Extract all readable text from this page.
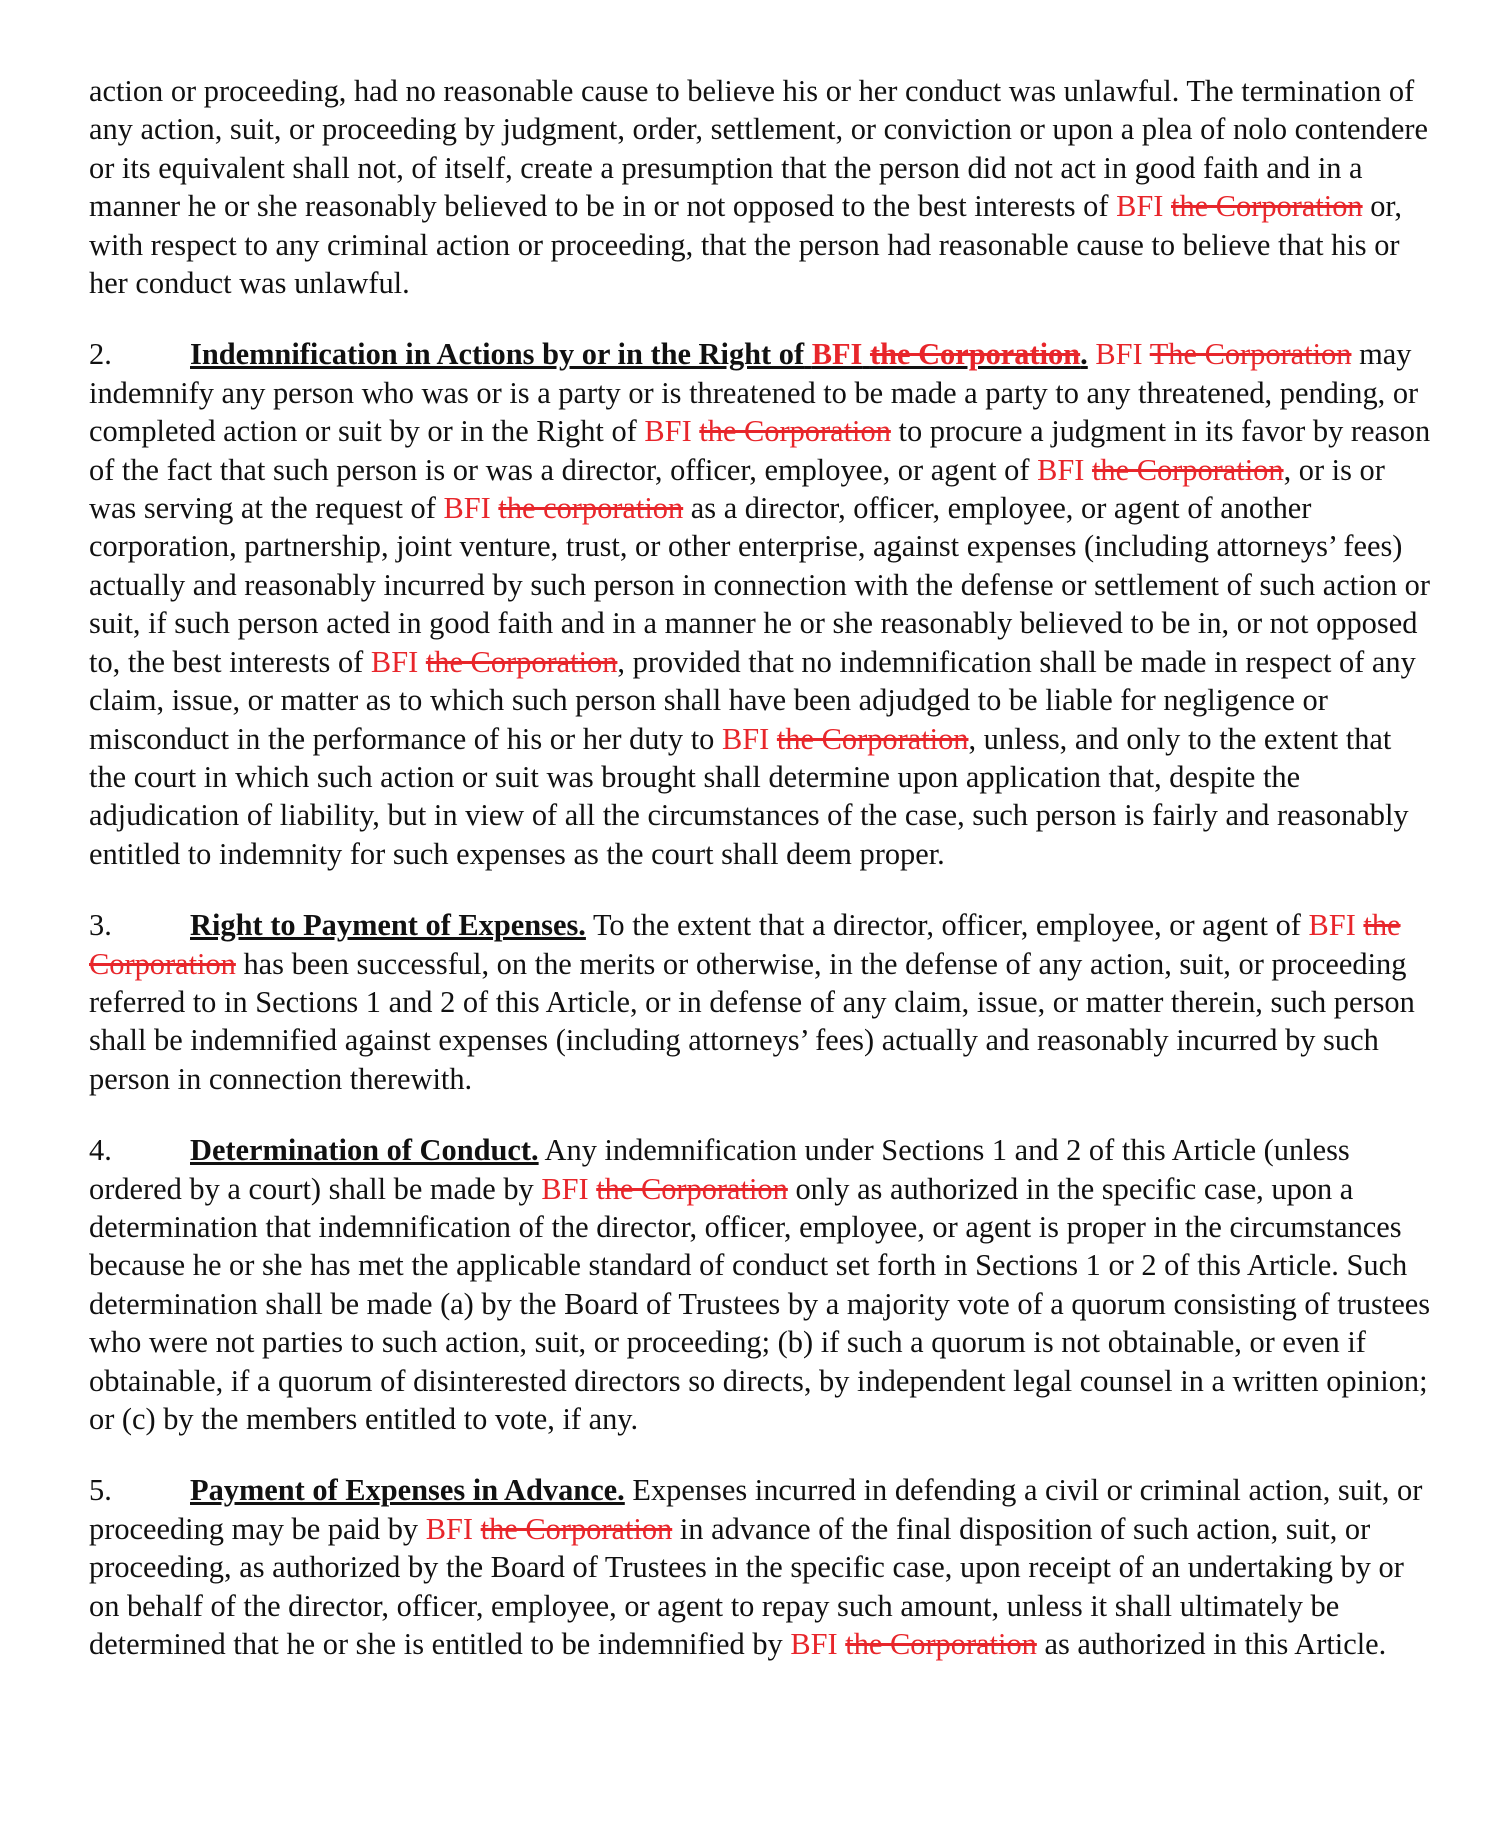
action or proceeding, had no reasonable cause to believe his or her conduct was unlawful. The termination of any action, suit, or proceeding by judgment, order, settlement, or conviction or upon a plea of nolo contendere or its equivalent shall not, of itself, create a presumption that the person did not act in good faith and in a manner he or she reasonably believed to be in or not opposed to the best interests of BFI the Corporation or, with respect to any criminal action or proceeding, that the person had reasonable cause to believe that his or her conduct was unlawful.

2.	Indemnification in Actions by or in the Right of BFI the Corporation. BFI The Corporation may indemnify any person who was or is a party or is threatened to be made a party to any threatened, pending, or completed action or suit by or in the Right of BFI the Corporation to procure a judgment in its favor by reason of the fact that such person is or was a director, officer, employee, or agent of BFI the Corporation, or is or was serving at the request of BFI the corporation as a director, officer, employee, or agent of another corporation, partnership, joint venture, trust, or other enterprise, against expenses (including attorneys’ fees) actually and reasonably incurred by such person in connection with the defense or settlement of such action or suit, if such person acted in good faith and in a manner he or she reasonably believed to be in, or not opposed to, the best interests of BFI the Corporation, provided that no indemnification shall be made in respect of any claim, issue, or matter as to which such person shall have been adjudged to be liable for negligence or misconduct in the performance of his or her duty to BFI the Corporation, unless, and only to the extent that the court in which such action or suit was brought shall determine upon application that, despite the adjudication of liability, but in view of all the circumstances of the case, such person is fairly and reasonably entitled to indemnity for such expenses as the court shall deem proper.

3.	Right to Payment of Expenses. To the extent that a director, officer, employee, or agent of BFI the Corporation has been successful, on the merits or otherwise, in the defense of any action, suit, or proceeding referred to in Sections 1 and 2 of this Article, or in defense of any claim, issue, or matter therein, such person shall be indemnified against expenses (including attorneys’ fees) actually and reasonably incurred by such person in connection therewith.

4.	Determination of Conduct. Any indemnification under Sections 1 and 2 of this Article (unless ordered by a court) shall be made by BFI the Corporation only as authorized in the specific case, upon a determination that indemnification of the director, officer, employee, or agent is proper in the circumstances because he or she has met the applicable standard of conduct set forth in Sections 1 or 2 of this Article. Such determination shall be made (a) by the Board of Trustees by a majority vote of a quorum consisting of trustees who were not parties to such action, suit, or proceeding; (b) if such a quorum is not obtainable, or even if obtainable, if a quorum of disinterested directors so directs, by independent legal counsel in a written opinion; or (c) by the members entitled to vote, if any.

5.	Payment of Expenses in Advance. Expenses incurred in defending a civil or criminal action, suit, or proceeding may be paid by BFI the Corporation in advance of the final disposition of such action, suit, or proceeding, as authorized by the Board of Trustees in the specific case, upon receipt of an undertaking by or on behalf of the director, officer, employee, or agent to repay such amount, unless it shall ultimately be determined that he or she is entitled to be indemnified by BFI the Corporation as authorized in this Article.
